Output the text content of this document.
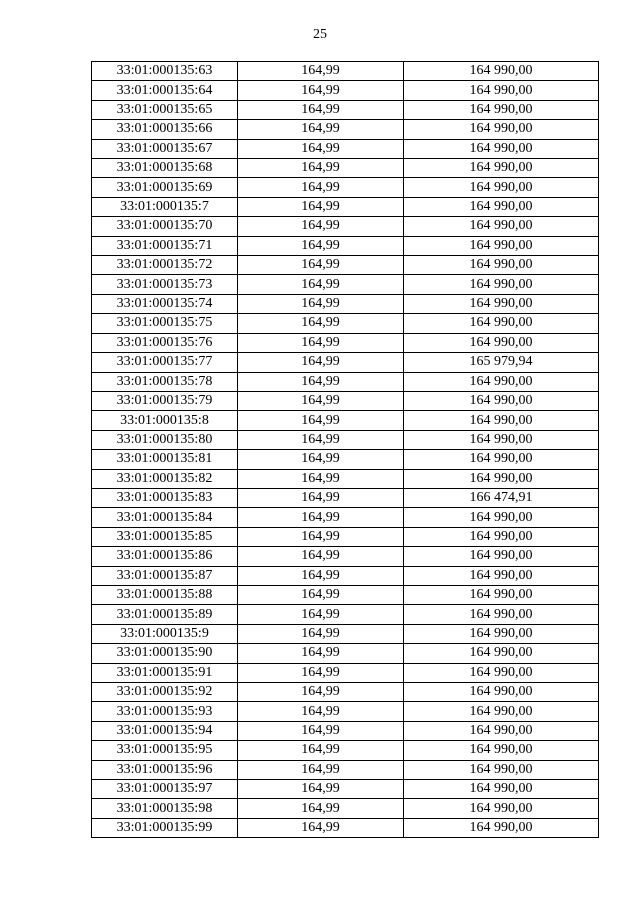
25
33:01:000135:63	164,99	164 990,00
33:01:000135:64	164,99	164 990,00
33:01:000135:65	164,99	164 990,00
33:01:000135:66	164,99	164 990,00
33:01:000135:67	164,99	164 990,00
33:01:000135:68	164,99	164 990,00
33:01:000135:69	164,99	164 990,00
33:01:000135:7	164,99	164 990,00
33:01:000135:70	164,99	164 990,00
33:01:000135:71	164,99	164 990,00
33:01:000135:72	164,99	164 990,00
33:01:000135:73	164,99	164 990,00
33:01:000135:74	164,99	164 990,00
33:01:000135:75	164,99	164 990,00
33:01:000135:76	164,99	164 990,00
33:01:000135:77	164,99	165 979,94
33:01:000135:78	164,99	164 990,00
33:01:000135:79	164,99	164 990,00
33:01:000135:8	164,99	164 990,00
33:01:000135:80	164,99	164 990,00
33:01:000135:81	164,99	164 990,00
33:01:000135:82	164,99	164 990,00
33:01:000135:83	164,99	166 474,91
33:01:000135:84	164,99	164 990,00
33:01:000135:85	164,99	164 990,00
33:01:000135:86	164,99	164 990,00
33:01:000135:87	164,99	164 990,00
33:01:000135:88	164,99	164 990,00
33:01:000135:89	164,99	164 990,00
33:01:000135:9	164,99	164 990,00
33:01:000135:90	164,99	164 990,00
33:01:000135:91	164,99	164 990,00
33:01:000135:92	164,99	164 990,00
33:01:000135:93	164,99	164 990,00
33:01:000135:94	164,99	164 990,00
33:01:000135:95	164,99	164 990,00
33:01:000135:96	164,99	164 990,00
33:01:000135:97	164,99	164 990,00
33:01:000135:98	164,99	164 990,00
33:01:000135:99	164,99	164 990,00
